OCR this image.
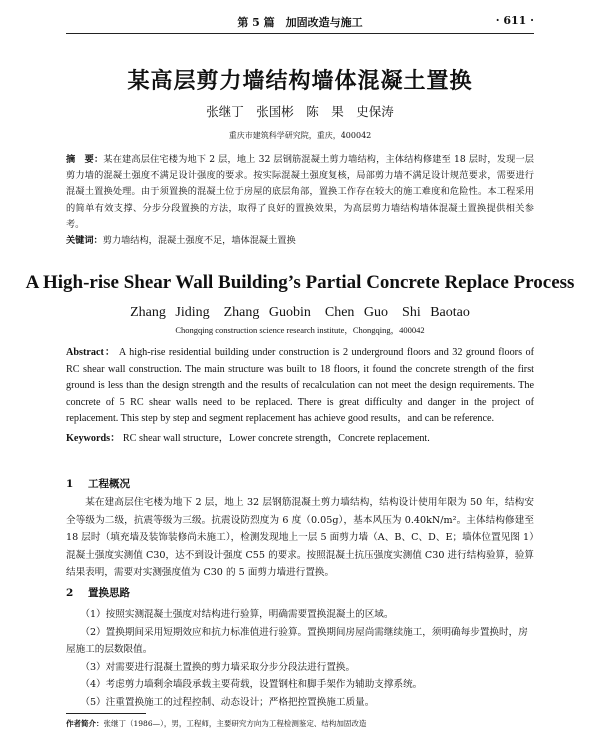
第 5 篇　加固改造与施工	· 611 ·
某高层剪力墙结构墙体混凝土置换
张继丁　张国彬　陈　果　史保涛
重庆市建筑科学研究院，重庆，400042
摘　要：某在建高层住宅楼为地下 2 层，地上 32 层钢筋混凝土剪力墙结构，主体结构修建至 18 层时，发现一层剪力墙的混凝土强度不满足设计强度的要求。按实际混凝土强度复核，局部剪力墙不满足设计规范要求，需要进行混凝土置换处理。由于须置换的混凝土位于房屋的底层角部，置换工作存在较大的施工难度和危险性。本工程采用的简单有效支撑、分步分段置换的方法，取得了良好的置换效果，为高层剪力墙结构墙体混凝土置换提供相关参考。
关键词：剪力墙结构，混凝土强度不足，墙体混凝土置换
A High-rise Shear Wall Building’s Partial Concrete Replace Process
Zhang Jiding　Zhang Guobin　Chen Guo　Shi Baotao
Chongqing construction science research institute，Chongqing，400042
Abstract： A high-rise residential building under construction is 2 underground floors and 32 ground floors of RC shear wall construction. The main structure was built to 18 floors, it found the concrete strength of the first ground is less than the design strength and the results of recalculation can not meet the design requirements. The concrete of 5 RC shear walls need to be replaced. There is great difficulty and danger in the project of replacement. This step by step and segment replacement has achieve good results，and can be reference.
Keywords： RC shear wall structure，Lower concrete strength，Concrete replacement.
1 工程概况
某在建高层住宅楼为地下 2 层，地上 32 层钢筋混凝土剪力墙结构，结构设计使用年限为 50 年，结构安全等级为二级，抗震等级为三级。抗震设防烈度为 6 度（0.05g），基本风压为 0.40kN/m²。主体结构修建至 18 层时（填充墙及装饰装修尚未施工），检测发现地上一层 5 面剪力墙（A、B、C、D、E；墙体位置见图 1）混凝土强度实测值 C30，达不到设计强度 C55 的要求。按照混凝土抗压强度实测值 C30 进行结构验算，验算结果表明，需要对实测强度值为 C30 的 5 面剪力墙进行置换。
2 置换思路
（1）按照实测混凝土强度对结构进行验算，明确需要置换混凝土的区域。
（2）置换期间采用短期效应和抗力标准值进行验算。置换期间房屋尚需继续施工，须明确每步置换时，房屋施工的层数限值。
（3）对需要进行混凝土置换的剪力墙采取分步分段法进行置换。
（4）考虑剪力墙剩余墙段承载主要荷载，设置钢柱和脚手架作为辅助支撑系统。
（5）注重置换施工的过程控制、动态设计；严格把控置换施工质量。
作者简介：张继丁（1986—），男，工程师，主要研究方向为工程检测鉴定、结构加固改造
